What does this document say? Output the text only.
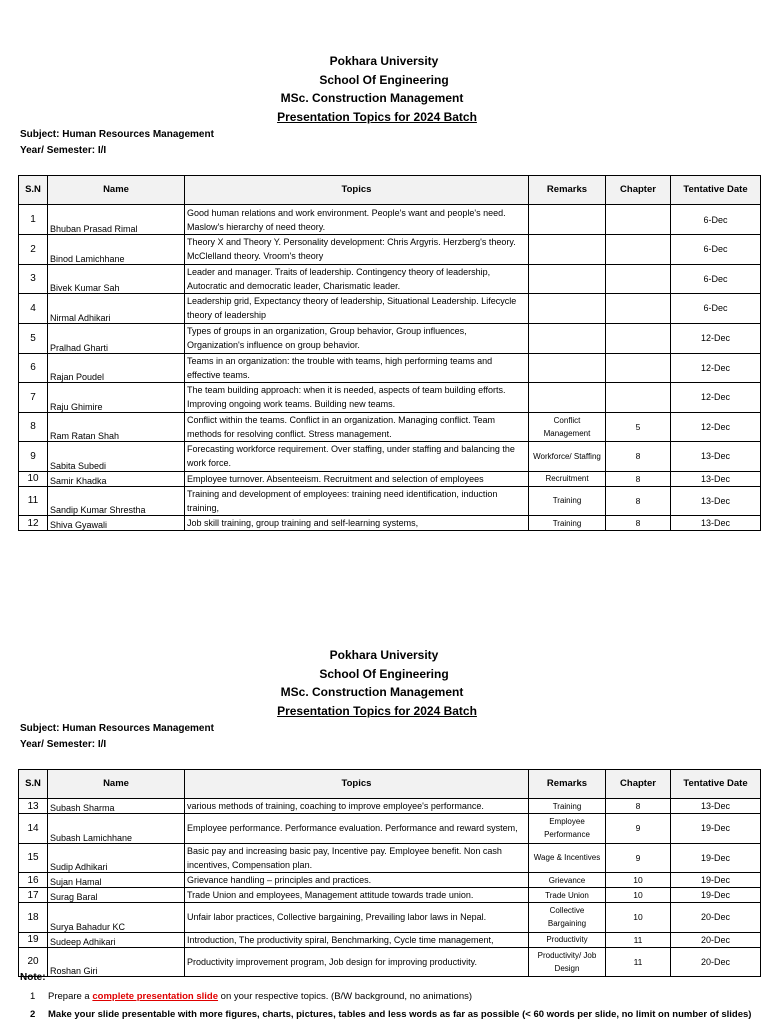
Pokhara University
School Of Engineering
MSc. Construction Management
Presentation Topics for 2024 Batch
Subject: Human Resources Management
Year/ Semester: I/I
S.N	Name	Topics	Remarks	Chapter	Tentative Date
1	Bhuban Prasad Rimal	Good human relations and work environment. People's want and people's need. Maslow's hierarchy of need theory.			6-Dec
2	Binod Lamichhane	Theory X and Theory Y. Personality development: Chris Argyris. Herzberg's theory. McClelland theory. Vroom's theory			6-Dec
3	Bivek Kumar Sah	Leader and manager. Traits of leadership. Contingency theory of leadership, Autocratic and democratic leader, Charismatic leader.			6-Dec
4	Nirmal Adhikari	Leadership grid, Expectancy theory of leadership, Situational Leadership. Lifecycle theory of leadership			6-Dec
5	Pralhad Gharti	Types of groups in an organization, Group behavior, Group influences, Organization's influence on group behavior.			12-Dec
6	Rajan Poudel	Teams in an organization: the trouble with teams, high performing teams and effective teams.			12-Dec
7	Raju Ghimire	The team building approach: when it is needed, aspects of team building efforts. Improving ongoing work teams. Building new teams.			12-Dec
8	Ram Ratan Shah	Conflict within the teams. Conflict in an organization. Managing conflict. Team methods for resolving conflict. Stress management.	Conflict Management	5	12-Dec
9	Sabita Subedi	Forecasting workforce requirement. Over staffing, under staffing and balancing the work force.	Workforce/ Staffing	8	13-Dec
10	Samir Khadka	Employee turnover. Absenteeism. Recruitment and selection of employees	Recruitment	8	13-Dec
11	Sandip Kumar Shrestha	Training and development of employees: training need identification, induction training,	Training	8	13-Dec
12	Shiva Gyawali	Job skill training, group training and self-learning systems,	Training	8	13-Dec
Pokhara University
School Of Engineering
MSc. Construction Management
Presentation Topics for 2024 Batch
Subject: Human Resources Management
Year/ Semester: I/I
S.N	Name	Topics	Remarks	Chapter	Tentative Date
13	Subash Sharma	various methods of training, coaching to improve employee's performance.	Training	8	13-Dec
14	Subash Lamichhane	Employee performance. Performance evaluation. Performance and reward system,	Employee Performance	9	19-Dec
15	Sudip Adhikari	Basic pay and increasing basic pay, Incentive pay. Employee benefit. Non cash incentives, Compensation plan.	Wage & Incentives	9	19-Dec
16	Sujan Hamal	Grievance handling – principles and practices.	Grievance	10	19-Dec
17	Surag Baral	Trade Union and employees, Management attitude towards trade union.	Trade Union	10	19-Dec
18	Surya Bahadur KC	Unfair labor practices, Collective bargaining, Prevailing labor laws in Nepal.	Collective Bargaining	10	20-Dec
19	Sudeep Adhikari	Introduction, The productivity spiral, Benchmarking, Cycle time management,	Productivity	11	20-Dec
20	Roshan Giri	Productivity improvement program, Job design for improving productivity.	Productivity/ Job Design	11	20-Dec
Note:
1 Prepare a complete presentation slide on your respective topics. (B/W background, no animations)
2 Make your slide presentable with more figures, charts, pictures, tables and less words as far as possible (< 60 words per slide, no limit on number of slides)
